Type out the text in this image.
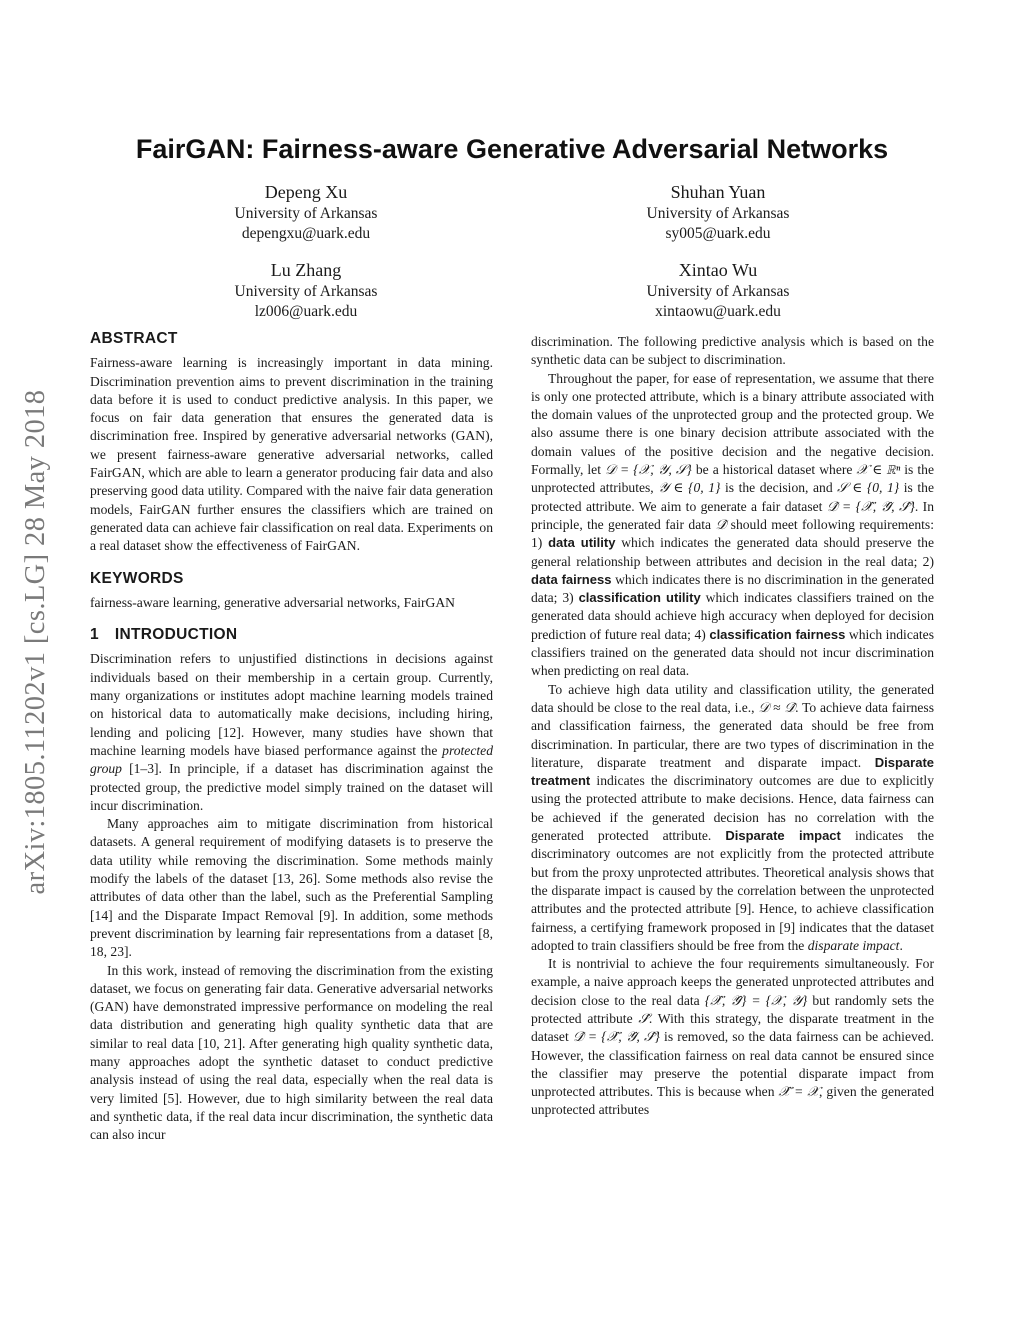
arXiv:1805.11202v1 [cs.LG] 28 May 2018
FairGAN: Fairness-aware Generative Adversarial Networks
Depeng Xu
University of Arkansas
depengxu@uark.edu
Shuhan Yuan
University of Arkansas
sy005@uark.edu
Lu Zhang
University of Arkansas
lz006@uark.edu
Xintao Wu
University of Arkansas
xintaowu@uark.edu
ABSTRACT

Fairness-aware learning is increasingly important in data mining. Discrimination prevention aims to prevent discrimination in the training data before it is used to conduct predictive analysis. In this paper, we focus on fair data generation that ensures the generated data is discrimination free. Inspired by generative adversarial networks (GAN), we present fairness-aware generative adversarial networks, called FairGAN, which are able to learn a generator producing fair data and also preserving good data utility. Compared with the naive fair data generation models, FairGAN further ensures the classifiers which are trained on generated data can achieve fair classification on real data. Experiments on a real dataset show the effectiveness of FairGAN.

KEYWORDS

fairness-aware learning, generative adversarial networks, FairGAN

1 INTRODUCTION

Discrimination refers to unjustified distinctions in decisions against individuals based on their membership in a certain group. Currently, many organizations or institutes adopt machine learning models trained on historical data to automatically make decisions, including hiring, lending and policing [12]. However, many studies have shown that machine learning models have biased performance against the protected group [1–3]. In principle, if a dataset has discrimination against the protected group, the predictive model simply trained on the dataset will incur discrimination.

Many approaches aim to mitigate discrimination from historical datasets. A general requirement of modifying datasets is to preserve the data utility while removing the discrimination. Some methods mainly modify the labels of the dataset [13, 26]. Some methods also revise the attributes of data other than the label, such as the Preferential Sampling [14] and the Disparate Impact Removal [9]. In addition, some methods prevent discrimination by learning fair representations from a dataset [8, 18, 23].

In this work, instead of removing the discrimination from the existing dataset, we focus on generating fair data. Generative adversarial networks (GAN) have demonstrated impressive performance on modeling the real data distribution and generating high quality synthetic data that are similar to real data [10, 21]. After generating high quality synthetic data, many approaches adopt the synthetic dataset to conduct predictive analysis instead of using the real data, especially when the real data is very limited [5]. However, due to high similarity between the real data and synthetic data, if the real data incur discrimination, the synthetic data can also incur

discrimination. The following predictive analysis which is based on the synthetic data can be subject to discrimination.

Throughout the paper, for ease of representation, we assume that there is only one protected attribute, which is a binary attribute associated with the domain values of the unprotected group and the protected group. We also assume there is one binary decision attribute associated with the domain values of the positive decision and the negative decision. Formally, let 𝒟 = {𝒳, 𝒴, 𝒮} be a historical dataset where 𝒳 ∈ ℝⁿ is the unprotected attributes, 𝒴 ∈ {0, 1} is the decision, and 𝒮 ∈ {0, 1} is the protected attribute. We aim to generate a fair dataset 𝒟̂ = {𝒳̂, 𝒴̂, 𝒮̂}. In principle, the generated fair data 𝒟̂ should meet following requirements: 1) data utility which indicates the generated data should preserve the general relationship between attributes and decision in the real data; 2) data fairness which indicates there is no discrimination in the generated data; 3) classification utility which indicates classifiers trained on the generated data should achieve high accuracy when deployed for decision prediction of future real data; 4) classification fairness which indicates classifiers trained on the generated data should not incur discrimination when predicting on real data.

To achieve high data utility and classification utility, the generated data should be close to the real data, i.e., 𝒟 ≈ 𝒟̂. To achieve data fairness and classification fairness, the generated data should be free from discrimination. In particular, there are two types of discrimination in the literature, disparate treatment and disparate impact. Disparate treatment indicates the discriminatory outcomes are due to explicitly using the protected attribute to make decisions. Hence, data fairness can be achieved if the generated decision has no correlation with the generated protected attribute. Disparate impact indicates the discriminatory outcomes are not explicitly from the protected attribute but from the proxy unprotected attributes. Theoretical analysis shows that the disparate impact is caused by the correlation between the unprotected attributes and the protected attribute [9]. Hence, to achieve classification fairness, a certifying framework proposed in [9] indicates that the dataset adopted to train classifiers should be free from the disparate impact.

It is nontrivial to achieve the four requirements simultaneously. For example, a naive approach keeps the generated unprotected attributes and decision close to the real data {𝒳̂, 𝒴̂} = {𝒳, 𝒴} but randomly sets the protected attribute 𝒮̂. With this strategy, the disparate treatment in the dataset 𝒟̂ = {𝒳̂, 𝒴̂, 𝒮̂} is removed, so the data fairness can be achieved. However, the classification fairness on real data cannot be ensured since the classifier may preserve the potential disparate impact from unprotected attributes. This is because when 𝒳̂ = 𝒳, given the generated unprotected attributes
